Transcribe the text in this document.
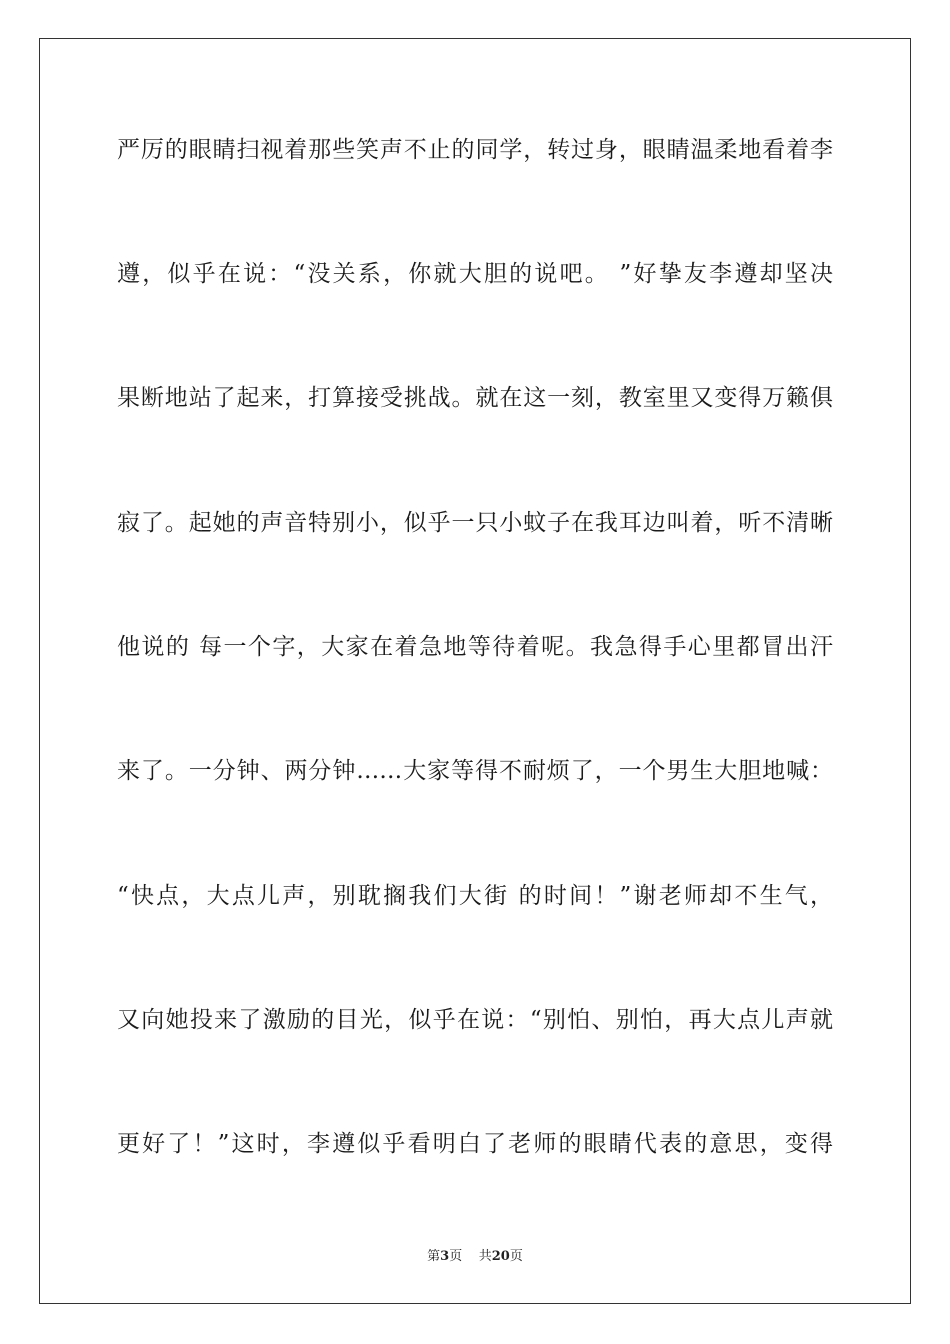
严厉的眼睛扫视着那些笑声不止的同学，转过身，眼睛温柔地看着李
遵，似乎在说：“没关系，你就大胆的说吧。 ”好挚友李遵却坚决
果断地站了起来，打算接受挑战。就在这一刻，教室里又变得万籁俱
寂了。起她的声音特别小，似乎一只小蚊子在我耳边叫着，听不清晰
他说的 每一个字，大家在着急地等待着呢。我急得手心里都冒出汗
来了。一分钟、两分钟……大家等得不耐烦了，一个男生大胆地喊：
“快点，大点儿声，别耽搁我们大街 的时间！”谢老师却不生气，
又向她投来了激励的目光，似乎在说：“别怕、别怕，再大点儿声就
更好了！”这时，李遵似乎看明白了老师的眼睛代表的意思，变得
第3页 共20页
